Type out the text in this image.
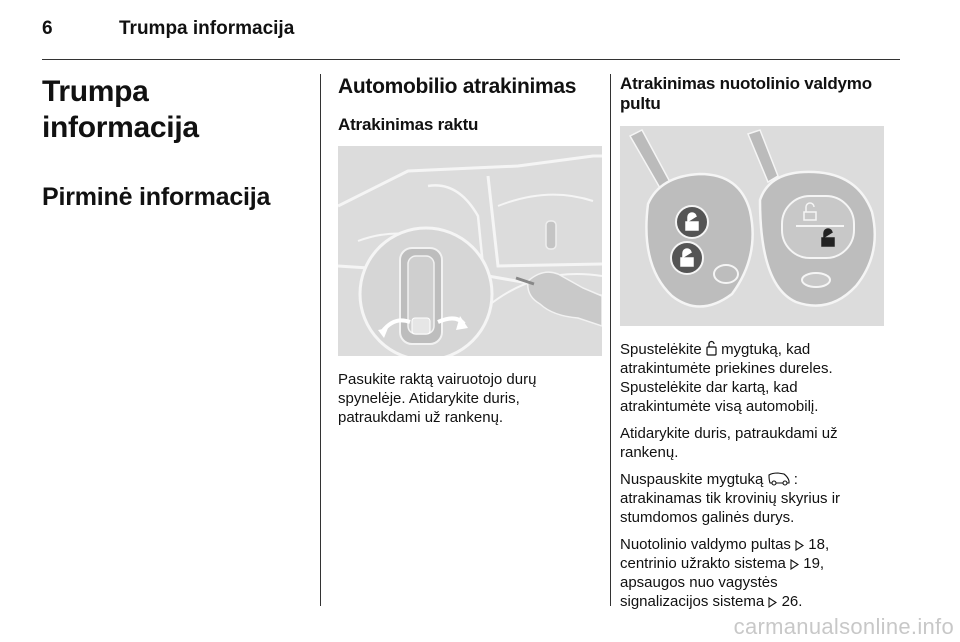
6	Trumpa informacija
Trumpa informacija
Pirminė informacija
Automobilio atrakinimas
Atrakinimas raktu

Pasukite raktą vairuotojo durų
spynelėje. Atidarykite duris,
patraukdami už rankenų.

Atrakinimas nuotolinio valdymo
pultu

Spustelėkite mygtuką, kad
atrakintumėte priekines dureles.
Spustelėkite dar kartą, kad
atrakintumėte visą automobilį.

Atidarykite duris, patraukdami už
rankenų.

Nuspauskite mygtuką :
atrakinamas tik krovinių skyrius ir
stumdomos galinės durys.

Nuotolinio valdymo pultas 18,
centrinio užrakto sistema 19,
apsaugos nuo vagystės
signalizacijos sistema 26.

carmanualsonline.info
